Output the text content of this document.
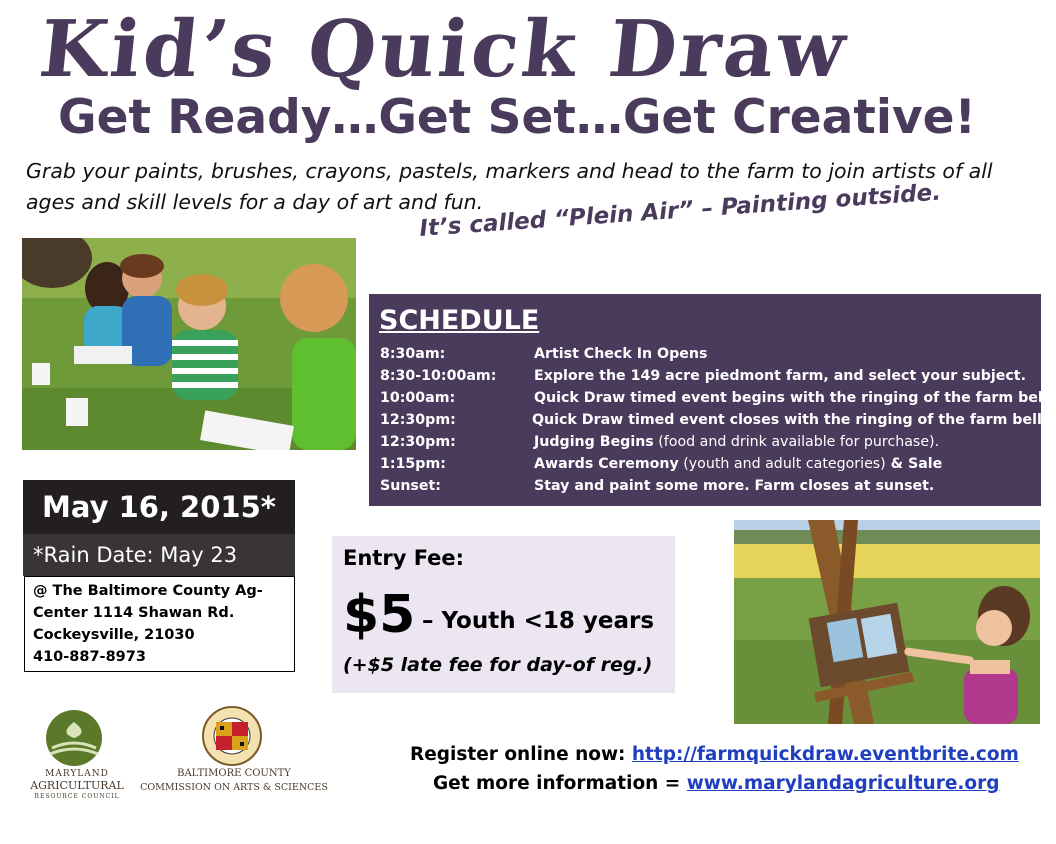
Kid’s Quick Draw
Get Ready…Get Set…Get Creative!
Grab your paints, brushes, crayons, pastels, markers and head to the farm to join artists of all ages and skill levels for a day of art and fun.
It’s called “Plein Air” – Painting outside.
SCHEDULE
8:30am:	Artist Check In Opens
8:30-10:00am:	Explore the 149 acre piedmont farm, and select your subject.
10:00am:	Quick Draw timed event begins with the ringing of the farm bell
12:30pm:	Quick Draw timed event closes with the ringing of the farm bell.
12:30pm:	Judging Begins (food and drink available for purchase).
1:15pm:	Awards Ceremony (youth and adult categories) & Sale
Sunset:	Stay and paint some more. Farm closes at sunset.
May 16, 2015*
*Rain Date: May 23
@ The Baltimore County Ag-
Center 1114 Shawan Rd.
Cockeysville, 21030
410-887-8973
Entry Fee:
$5 – Youth <18 years
(+$5 late fee for day-of reg.)
MARYLAND
AGRICULTURAL
RESOURCE COUNCIL
BALTIMORE COUNTY
COMMISSION ON ARTS & SCIENCES
Register online now: http://farmquickdraw.eventbrite.com
Get more information = www.marylandagriculture.org
